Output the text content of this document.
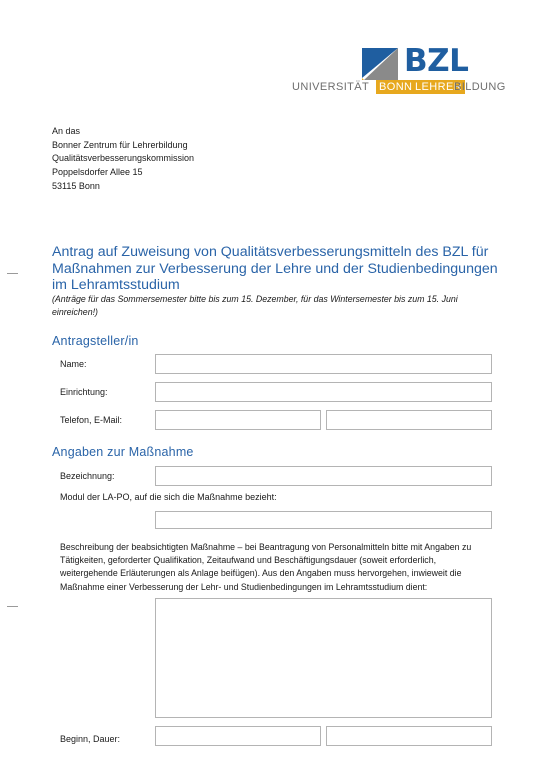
BZL
UNIVERSITÄT BONN LEHRER
BILDUNG
An das
Bonner Zentrum für Lehrerbildung
Qualitätsverbesserungskommission
Poppelsdorfer Allee 15
53115 Bonn
Antrag auf Zuweisung von Qualitätsverbesserungsmitteln des BZL für Maßnahmen zur Verbesserung der Lehre und der Studienbedingungen im Lehramtsstudium
(Anträge für das Sommersemester bitte bis zum 15. Dezember, für das Wintersemester bis zum 15. Juni einreichen!)
Antragsteller/in
Name:
Einrichtung:
Telefon, E-Mail:
Angaben zur Maßnahme
Bezeichnung:
Modul der LA-PO, auf die sich die Maßnahme bezieht:
Beschreibung der beabsichtigten Maßnahme – bei Beantragung von Personalmitteln bitte mit Angaben zu Tätigkeiten, geforderter Qualifikation, Zeitaufwand und Beschäftigungsdauer (soweit erforderlich, weitergehende Erläuterungen als Anlage beifügen). Aus den Angaben muss hervorgehen, inwieweit die Maßnahme einer Verbesserung der Lehr- und Studienbedingungen im Lehramtsstudium dient:
Beginn, Dauer:
